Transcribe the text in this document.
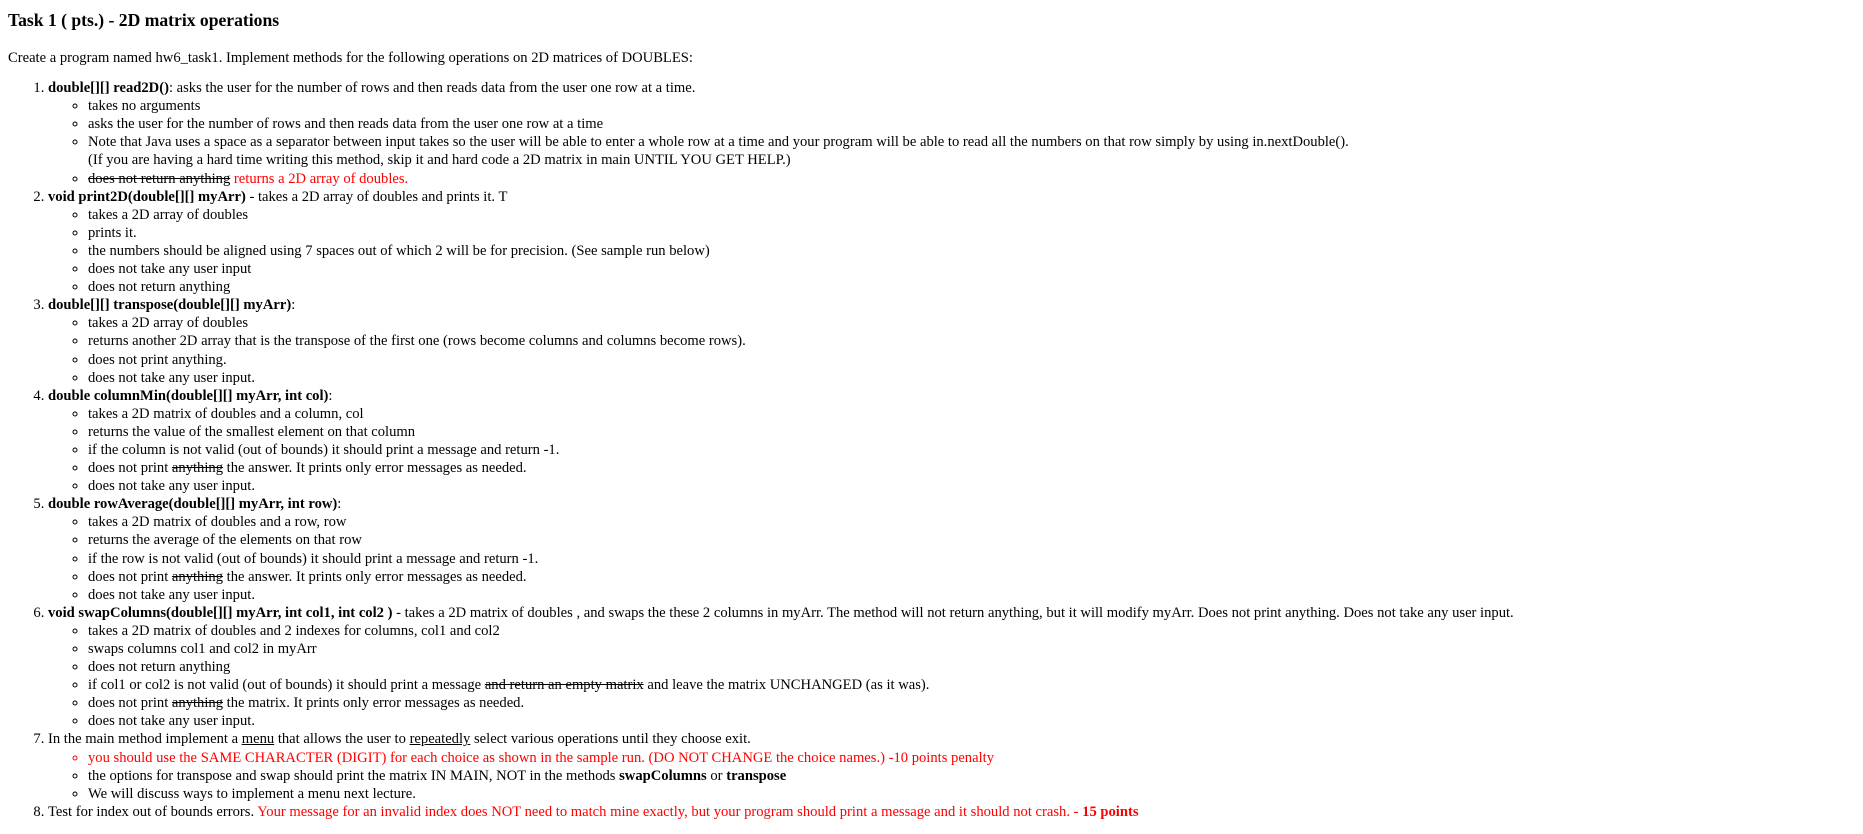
Task 1 ( pts.) - 2D matrix operations

Create a program named hw6_task1. Implement methods for the following operations on 2D matrices of DOUBLES:

1. double[][] read2D(): asks the user for the number of rows and then reads data from the user one row at a time.
◦ takes no arguments
◦ asks the user for the number of rows and then reads data from the user one row at a time
◦ Note that Java uses a space as a separator between input takes so the user will be able to enter a whole row at a time and your program will be able to read all the numbers on that row simply by using in.nextDouble().
(If you are having a hard time writing this method, skip it and hard code a 2D matrix in main UNTIL YOU GET HELP.)
◦ does not return anything returns a 2D array of doubles.
2. void print2D(double[][] myArr) - takes a 2D array of doubles and prints it. T
◦ takes a 2D array of doubles
◦ prints it.
◦ the numbers should be aligned using 7 spaces out of which 2 will be for precision. (See sample run below)
◦ does not take any user input
◦ does not return anything
3. double[][] transpose(double[][] myArr):
◦ takes a 2D array of doubles
◦ returns another 2D array that is the transpose of the first one (rows become columns and columns become rows).
◦ does not print anything.
◦ does not take any user input.
4. double columnMin(double[][] myArr, int col):
◦ takes a 2D matrix of doubles and a column, col
◦ returns the value of the smallest element on that column
◦ if the column is not valid (out of bounds) it should print a message and return -1.
◦ does not print anything the answer. It prints only error messages as needed.
◦ does not take any user input.
5. double rowAverage(double[][] myArr, int row):
◦ takes a 2D matrix of doubles and a row, row
◦ returns the average of the elements on that row
◦ if the row is not valid (out of bounds) it should print a message and return -1.
◦ does not print anything the answer. It prints only error messages as needed.
◦ does not take any user input.
6. void swapColumns(double[][] myArr, int col1, int col2 ) - takes a 2D matrix of doubles , and swaps the these 2 columns in myArr. The method will not return anything, but it will modify myArr. Does not print anything. Does not take any user input.
◦ takes a 2D matrix of doubles and 2 indexes for columns, col1 and col2
◦ swaps columns col1 and col2 in myArr
◦ does not return anything
◦ if col1 or col2 is not valid (out of bounds) it should print a message and return an empty matrix and leave the matrix UNCHANGED (as it was).
◦ does not print anything the matrix. It prints only error messages as needed.
◦ does not take any user input.
7. In the main method implement a menu that allows the user to repeatedly select various operations until they choose exit.
◦ you should use the SAME CHARACTER (DIGIT) for each choice as shown in the sample run. (DO NOT CHANGE the choice names.) -10 points penalty
◦ the options for transpose and swap should print the matrix IN MAIN, NOT in the methods swapColumns or transpose
◦ We will discuss ways to implement a menu next lecture.
8. Test for index out of bounds errors. Your message for an invalid index does NOT need to match mine exactly, but your program should print a message and it should not crash. - 15 points
